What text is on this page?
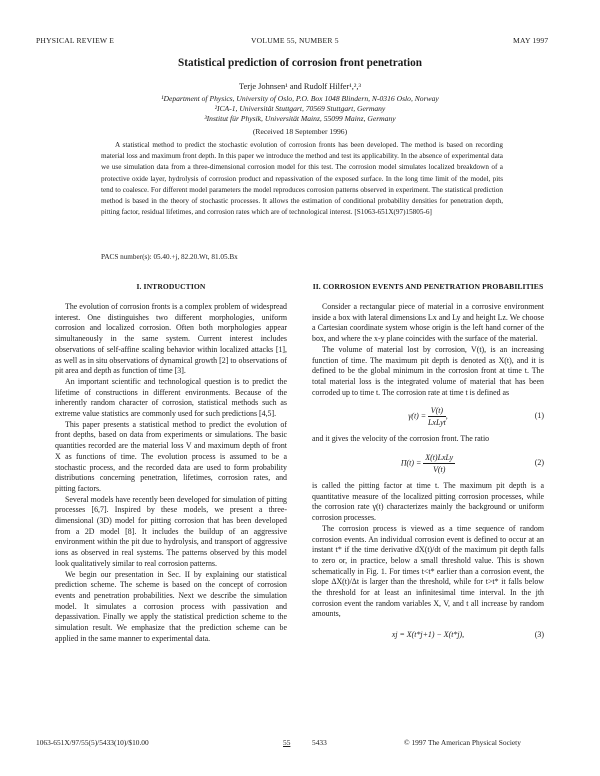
PHYSICAL REVIEW E	VOLUME 55, NUMBER 5	MAY 1997
Statistical prediction of corrosion front penetration
Terje Johnsen¹ and Rudolf Hilfer¹,²,³
¹Department of Physics, University of Oslo, P.O. Box 1048 Blindern, N-0316 Oslo, Norway
²ICA-1, Universität Stuttgart, 70569 Stuttgart, Germany
³Institut für Physik, Universität Mainz, 55099 Mainz, Germany
(Received 18 September 1996)
A statistical method to predict the stochastic evolution of corrosion fronts has been developed. The method is based on recording material loss and maximum front depth. In this paper we introduce the method and test its applicability. In the absence of experimental data we use simulation data from a three-dimensional corrosion model for this test. The corrosion model simulates localized breakdown of a protective oxide layer, hydrolysis of corrosion product and repassivation of the exposed surface. In the long time limit of the model, pits tend to coalesce. For different model parameters the model reproduces corrosion patterns observed in experiment. The statistical prediction method is based in the theory of stochastic processes. It allows the estimation of conditional probability densities for penetration depth, pitting factor, residual lifetimes, and corrosion rates which are of technological interest. [S1063-651X(97)15805-6]
PACS number(s): 05.40.+j, 82.20.Wt, 81.05.Bx
I. INTRODUCTION

The evolution of corrosion fronts is a complex problem of widespread interest. One distinguishes two different morphologies, uniform corrosion and localized corrosion. Often both morphologies appear simultaneously in the same system. Current interest includes observations of self-affine scaling behavior within localized attacks [1], as well as in situ observations of dynamical growth [2] to observations of pit area and depth as function of time [3].

An important scientific and technological question is to predict the lifetime of constructions in different environments. Because of the inherently random character of corrosion, statistical methods such as extreme value statistics are commonly used for such predictions [4,5].

This paper presents a statistical method to predict the evolution of front depths, based on data from experiments or simulations. The basic quantities recorded are the material loss V and maximum depth of front X as functions of time. The evolution process is assumed to be a stochastic process, and the recorded data are used to form probability distributions concerning penetration, lifetimes, corrosion rates, and pitting factors.

Several models have recently been developed for simulation of pitting processes [6,7]. Inspired by these models, we present a three-dimensional (3D) model for pitting corrosion that has been developed from a 2D model [8]. It includes the buildup of an aggressive environment within the pit due to hydrolysis, and transport of aggressive ions as observed in real systems. The patterns observed by this model look qualitatively similar to real corrosion patterns.

We begin our presentation in Sec. II by explaining our statistical prediction scheme. The scheme is based on the concept of corrosion events and penetration probabilities. Next we describe the simulation model. It simulates a corrosion process with passivation and depassivation. Finally we apply the statistical prediction scheme to the simulation result. We emphasize that the prediction scheme can be applied in the same manner to experimental data.

II. CORROSION EVENTS AND PENETRATION PROBABILITIES

Consider a rectangular piece of material in a corrosive environment inside a box with lateral dimensions Lx and Ly and height Lz. We choose a Cartesian coordinate system whose origin is the left hand corner of the box, and where the x-y plane coincides with the surface of the material.

The volume of material lost by corrosion, V(t), is an increasing function of time. The maximum pit depth is denoted as X(t), and it is defined to be the global minimum in the corrosion front at time t. The total material loss is the integrated volume of material that has been corroded up to time t. The corrosion rate at time t is defined as

$\gamma(t) = \frac{V(t)}{\text{LxLyt}}$ ,	(1)

and it gives the velocity of the corrosion front. The ratio

$\Pi(t) = \frac{\text{X(t)LxLy}}{V(t)}$	(2)

is called the pitting factor at time t. The maximum pit depth is a quantitative measure of the localized pitting corrosion processes, while the corrosion rate γ(t) characterizes mainly the background or uniform corrosion processes.

The corrosion process is viewed as a time sequence of random corrosion events. An individual corrosion event is defined to occur at an instant t* if the time derivative dX(t)/dt of the maximum pit depth falls to zero or, in practice, below a small threshold value. This is shown schematically in Fig. 1. For times t<t* earlier than a corrosion event, the slope ΔX(t)/Δt is larger than the threshold, while for t>t* it falls below the threshold for at least an infinitesimal time interval. In the jth corrosion event the random variables X, V, and t all increase by random amounts,

xj = X(t*j+1) − X(t*j),	(3)
1063-651X/97/55(5)/5433(10)/$10.00	55	5433	© 1997 The American Physical Society
